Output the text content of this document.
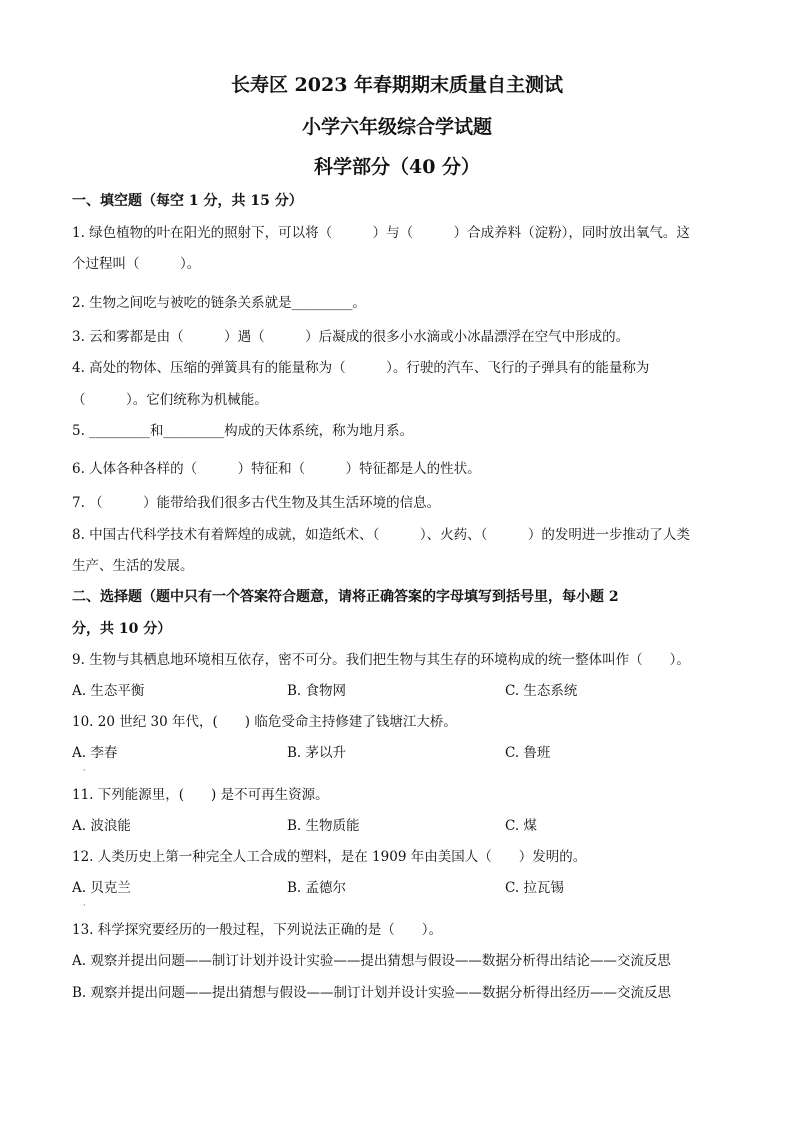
长寿区 2023 年春期期末质量自主测试
小学六年级综合学试题
科学部分（40 分）
一、填空题（每空 1 分，共 15 分）
1. 绿色植物的叶在阳光的照射下，可以将（　　　）与（　　　）合成养料（淀粉），同时放出氧气。这
个过程叫（　　　）。
2. 生物之间吃与被吃的链条关系就是_________。
3. 云和雾都是由（　　　）遇（　　　）后凝成的很多小水滴或小冰晶漂浮在空气中形成的。
4. 高处的物体、压缩的弹簧具有的能量称为（　　　）。行驶的汽车、飞行的子弹具有的能量称为
（　　　）。它们统称为机械能。
5. _________和_________构成的天体系统，称为地月系。
6. 人体各种各样的（　　　）特征和（　　　）特征都是人的性状。
7. （　　　）能带给我们很多古代生物及其生活环境的信息。
8. 中国古代科学技术有着辉煌的成就，如造纸术、（　　　）、火药、（　　　）的发明进一步推动了人类
生产、生活的发展。
二、选择题（题中只有一个答案符合题意，请将正确答案的字母填写到括号里，每小题 2
分，共 10 分）
9. 生物与其栖息地环境相互依存，密不可分。我们把生物与其生存的环境构成的统一整体叫作（　　）。
A. 生态平衡	B. 食物网	C. 生态系统
10. 20 世纪 30 年代，(　　) 临危受命主持修建了钱塘江大桥。
A. 李春	B. 茅以升	C. 鲁班
·
11. 下列能源里，(　　) 是不可再生资源。
A. 波浪能	B. 生物质能	C. 煤
12. 人类历史上第一种完全人工合成的塑料，是在 1909 年由美国人（　　）发明的。
A. 贝克兰	B. 孟德尔	C. 拉瓦锡
·
13. 科学探究要经历的一般过程，下列说法正确的是（　　）。
A. 观察并提出问题——制订计划并设计实验——提出猜想与假设——数据分析得出结论——交流反思
B. 观察并提出问题——提出猜想与假设——制订计划并设计实验——数据分析得出经历——交流反思
